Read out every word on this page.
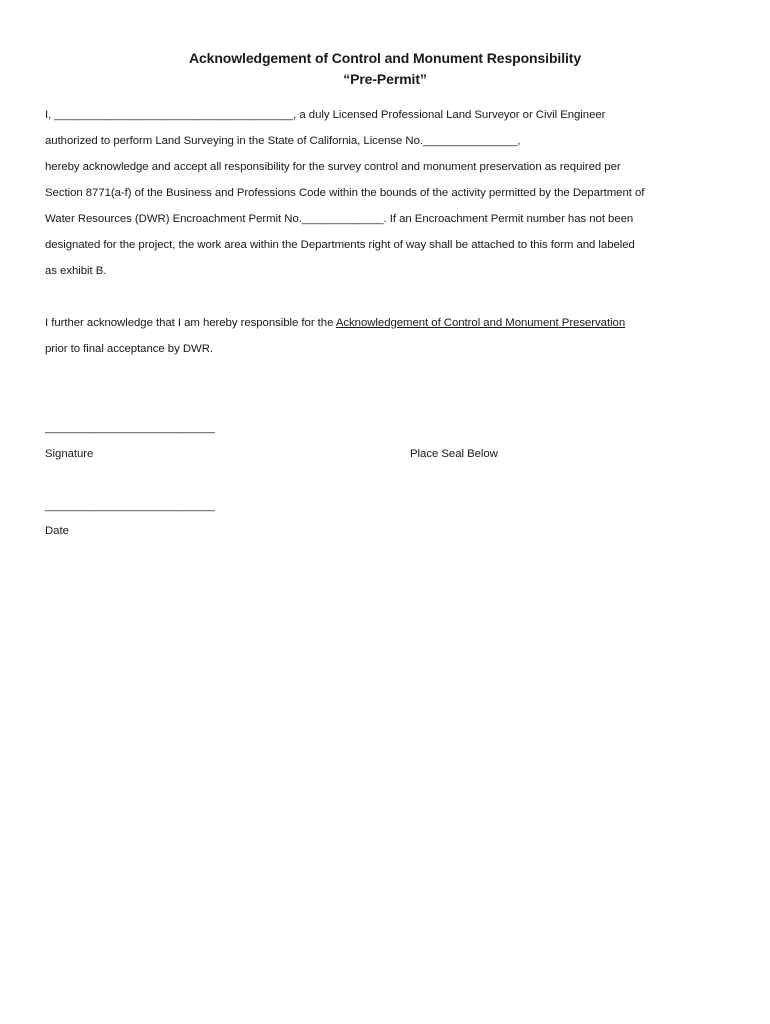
Acknowledgement of Control and Monument Responsibility
“Pre-Permit”
I, ______________________________________, a duly Licensed Professional Land Surveyor or Civil Engineer
authorized to perform Land Surveying in the State of California, License No._______________,
hereby acknowledge and accept all responsibility for the survey control and monument preservation as required per
Section 8771(a-f) of the Business and Professions Code within the bounds of the activity permitted by the Department of
Water Resources (DWR) Encroachment Permit No._____________. If an Encroachment Permit number has not been
designated for the project, the work area within the Departments right of way shall be attached to this form and labeled
as exhibit B.
I further acknowledge that I am hereby responsible for the Acknowledgement of Control and Monument Preservation
prior to final acceptance by DWR.
___________________________
Signature	Place Seal Below
___________________________
Date
